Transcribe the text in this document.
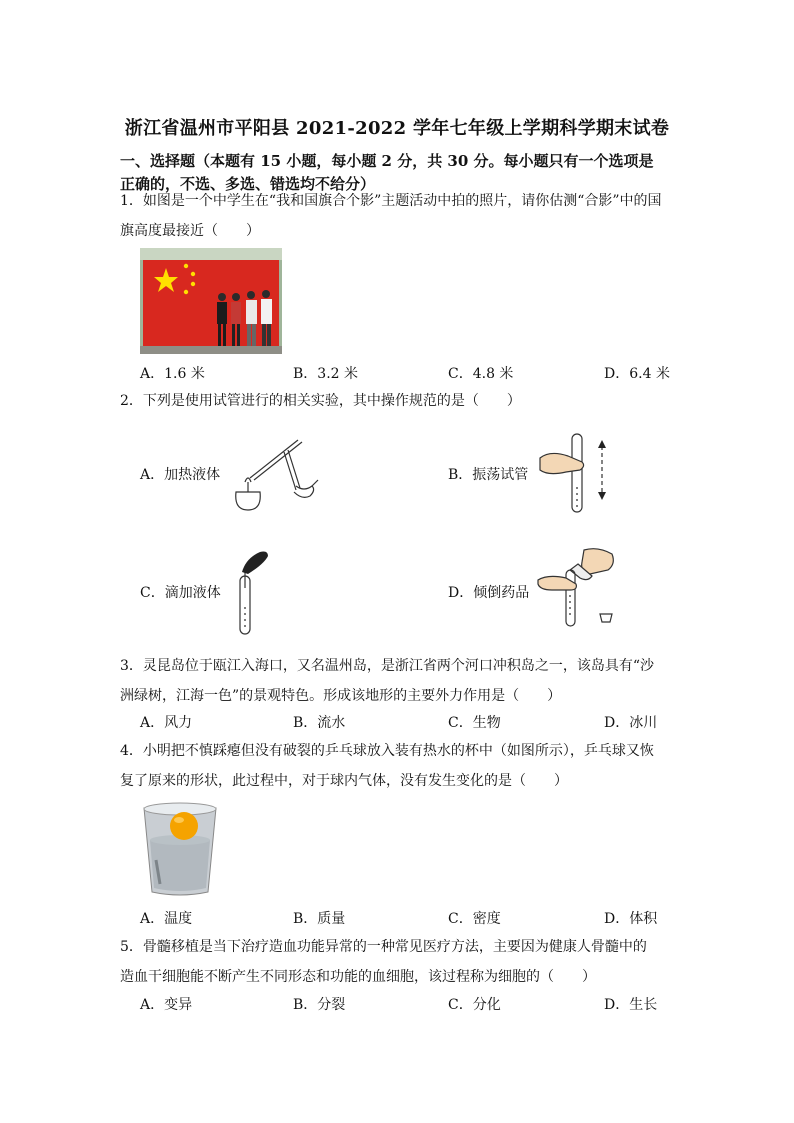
浙江省温州市平阳县 2021-2022 学年七年级上学期科学期末试卷
一、选择题（本题有 15 小题，每小题 2 分，共 30 分。每小题只有一个选项是
正确的，不选、多选、错选均不给分）
1．如图是一个中学生在“我和国旗合个影”主题活动中拍的照片，请你估测“合影”中的国
旗高度最接近（　　）
A．1.6 米	B．3.2 米	C．4.8 米	D．6.4 米
2．下列是使用试管进行的相关实验，其中操作规范的是（　　）
A．加热液体	B．振荡试管
C．滴加液体	D．倾倒药品
3．灵昆岛位于瓯江入海口，又名温州岛，是浙江省两个河口冲积岛之一，该岛具有“沙
洲绿树，江海一色”的景观特色。形成该地形的主要外力作用是（　　）
A．风力	B．流水	C．生物	D．冰川
4．小明把不慎踩瘪但没有破裂的乒乓球放入装有热水的杯中（如图所示），乒乓球又恢
复了原来的形状，此过程中，对于球内气体，没有发生变化的是（　　）
A．温度	B．质量	C．密度	D．体积
5．骨髓移植是当下治疗造血功能异常的一种常见医疗方法，主要因为健康人骨髓中的
造血干细胞能不断产生不同形态和功能的血细胞，该过程称为细胞的（　　）
A．变异	B．分裂	C．分化	D．生长
